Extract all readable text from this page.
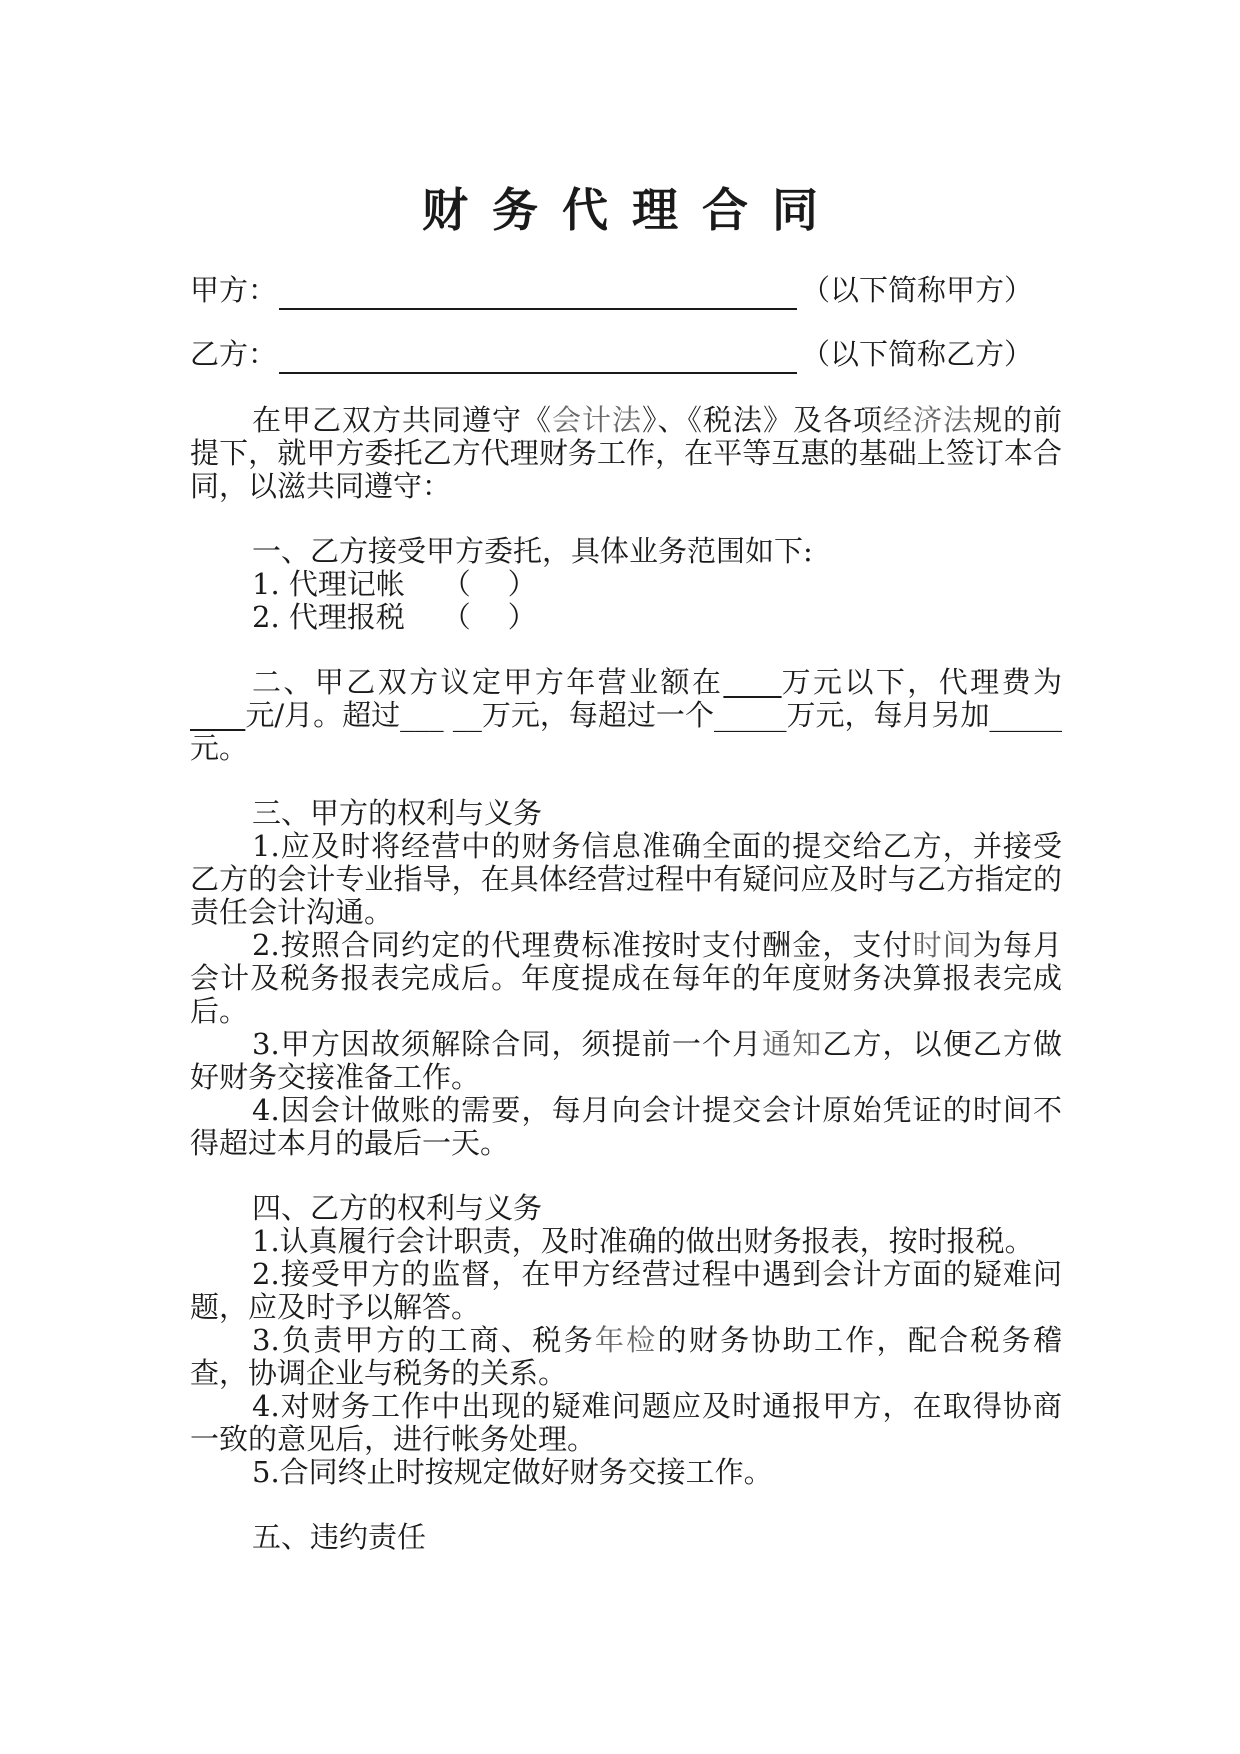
财务代理合同
甲方：	（以下简称甲方）
乙方：	（以下简称乙方）

在甲乙双方共同遵守《会计法》、《税法》及各项经济法规的前提下，就甲方委托乙方代理财务工作，在平等互惠的基础上签订本合同，以滋共同遵守：

一、乙方接受甲方委托，具体业务范围如下:

1. 代理记帐    （    ）

2. 代理报税    （    ）

二、甲乙双方议定甲方年营业额在 万元以下，代理费为      元/月。超过___ __万元，每超过一个_____万元，每月另加_____元。

三、甲方的权利与义务

1.应及时将经营中的财务信息准确全面的提交给乙方，并接受乙方的会计专业指导，在具体经营过程中有疑问应及时与乙方指定的责任会计沟通。

2.按照合同约定的代理费标准按时支付酬金，支付时间为每月会计及税务报表完成后。年度提成在每年的年度财务决算报表完成后。

3.甲方因故须解除合同，须提前一个月通知乙方，以便乙方做好财务交接准备工作。

4.因会计做账的需要，每月向会计提交会计原始凭证的时间不得超过本月的最后一天。

四、乙方的权利与义务

1.认真履行会计职责，及时准确的做出财务报表，按时报税。

2.接受甲方的监督，在甲方经营过程中遇到会计方面的疑难问题，应及时予以解答。

3.负责甲方的工商、税务年检的财务协助工作，配合税务稽查，协调企业与税务的关系。

4.对财务工作中出现的疑难问题应及时通报甲方，在取得协商一致的意见后，进行帐务处理。

5.合同终止时按规定做好财务交接工作。

五、违约责任
